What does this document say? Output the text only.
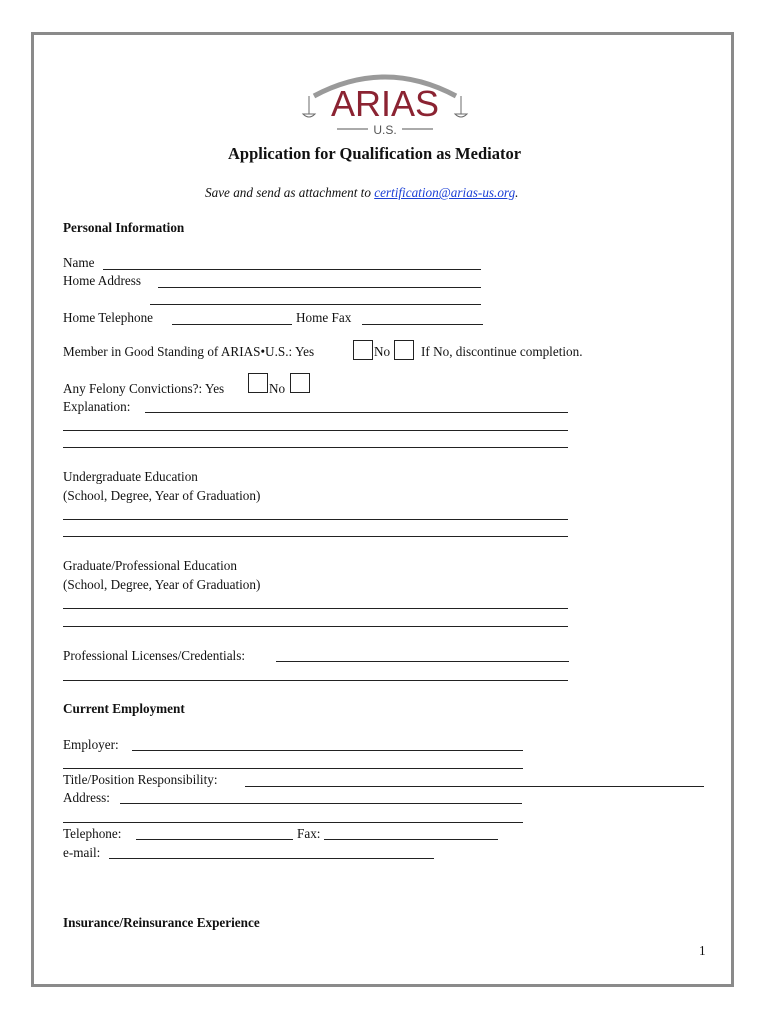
ARIAS
U.S.
Application for Qualification as Mediator
Save and send as attachment to certification@arias-us.org.
Personal Information
Name
Home Address
Home Telephone	Home Fax
Member in Good Standing of ARIAS•U.S.: Yes	No If No, discontinue completion.
Any Felony Convictions?: Yes	No
Explanation:
Undergraduate Education
(School, Degree, Year of Graduation)
Graduate/Professional Education
(School, Degree, Year of Graduation)
Professional Licenses/Credentials:
Current Employment
Employer:
Title/Position Responsibility:
Address:
Telephone:	Fax:
e-mail:
Insurance/Reinsurance Experience
1
